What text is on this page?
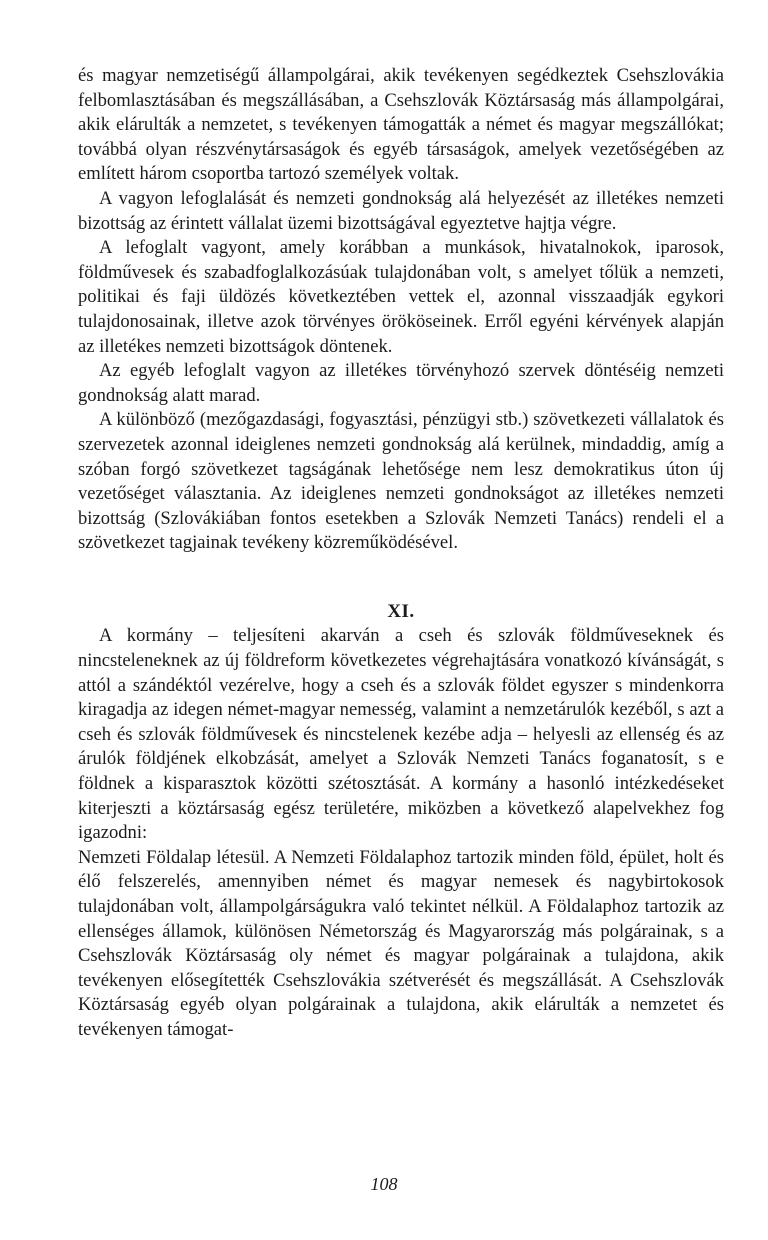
és magyar nemzetiségű állampolgárai, akik tevékenyen segédkeztek Csehszlovákia felbomlasztásában és megszállásában, a Csehszlovák Köztársaság más állampolgárai, akik elárulták a nemzetet, s tevékenyen támogatták a német és magyar megszállókat; továbbá olyan részvénytársaságok és egyéb társaságok, amelyek vezetőségében az említett három csoportba tartozó személyek voltak.

A vagyon lefoglalását és nemzeti gondnokság alá helyezését az illetékes nemzeti bizottság az érintett vállalat üzemi bizottságával egyeztetve hajtja végre.

A lefoglalt vagyont, amely korábban a munkások, hivatalnokok, iparosok, földművesek és szabadfoglalkozásúak tulajdonában volt, s amelyet tőlük a nemzeti, politikai és faji üldözés következtében vettek el, azonnal visszaadják egykori tulajdonosainak, illetve azok törvényes örököseinek. Erről egyéni kérvények alapján az illetékes nemzeti bizottságok döntenek.

Az egyéb lefoglalt vagyon az illetékes törvényhozó szervek döntéséig nemzeti gondnokság alatt marad.

A különböző (mezőgazdasági, fogyasztási, pénzügyi stb.) szövetkezeti vállalatok és szervezetek azonnal ideiglenes nemzeti gondnokság alá kerülnek, mindaddig, amíg a szóban forgó szövetkezet tagságának lehetősége nem lesz demokratikus úton új vezetőséget választania. Az ideiglenes nemzeti gondnokságot az illetékes nemzeti bizottság (Szlovákiában fontos esetekben a Szlovák Nemzeti Tanács) rendeli el a szövetkezet tagjainak tevékeny közreműködésével.

XI.

A kormány – teljesíteni akarván a cseh és szlovák földműveseknek és nincsteleneknek az új földreform következetes végrehajtására vonatkozó kívánságát, s attól a szándéktól vezérelve, hogy a cseh és a szlovák földet egyszer s mindenkorra kiragadja az idegen német-magyar nemesség, valamint a nemzetárulók kezéből, s azt a cseh és szlovák földművesek és nincstelenek kezébe adja – helyesli az ellenség és az árulók földjének elkobzását, amelyet a Szlovák Nemzeti Tanács foganatosít, s e földnek a kisparasztok közötti szétosztását. A kormány a hasonló intézkedéseket kiterjeszti a köztársaság egész területére, miközben a következő alapelvekhez fog igazodni:

Nemzeti Földalap létesül. A Nemzeti Földalaphoz tartozik minden föld, épület, holt és élő felszerelés, amennyiben német és magyar nemesek és nagybirtokosok tulajdonában volt, állampolgárságukra való tekintet nélkül. A Földalaphoz tartozik az ellenséges államok, különösen Németország és Magyarország más polgárainak, s a Csehszlovák Köztársaság oly német és magyar polgárainak a tulajdona, akik tevékenyen elősegítették Csehszlovákia szétverését és megszállását. A Csehszlovák Köztársaság egyéb olyan polgárainak a tulajdona, akik elárulták a nemzetet és tevékenyen támogat-

108
